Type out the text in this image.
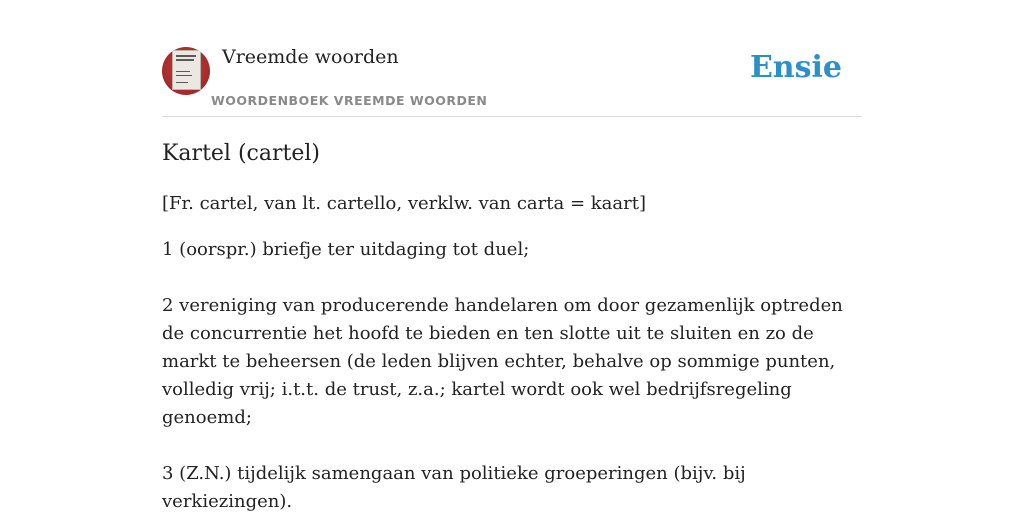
Vreemde woorden
WOORDENBOEK VREEMDE WOORDEN
Ensie
Kartel (cartel)

[Fr. cartel, van lt. cartello, verklw. van carta = kaart]

1 (oorspr.) briefje ter uitdaging tot duel;

2 vereniging van producerende handelaren om door gezamenlijk optreden de concurrentie het hoofd te bieden en ten slotte uit te sluiten en zo de markt te beheersen (de leden blijven echter, behalve op sommige punten, volledig vrij; i.t.t. de trust, z.a.; kartel wordt ook wel bedrijfsregeling genoemd;

3 (Z.N.) tijdelijk samengaan van politieke groeperingen (bijv. bij verkiezingen).
